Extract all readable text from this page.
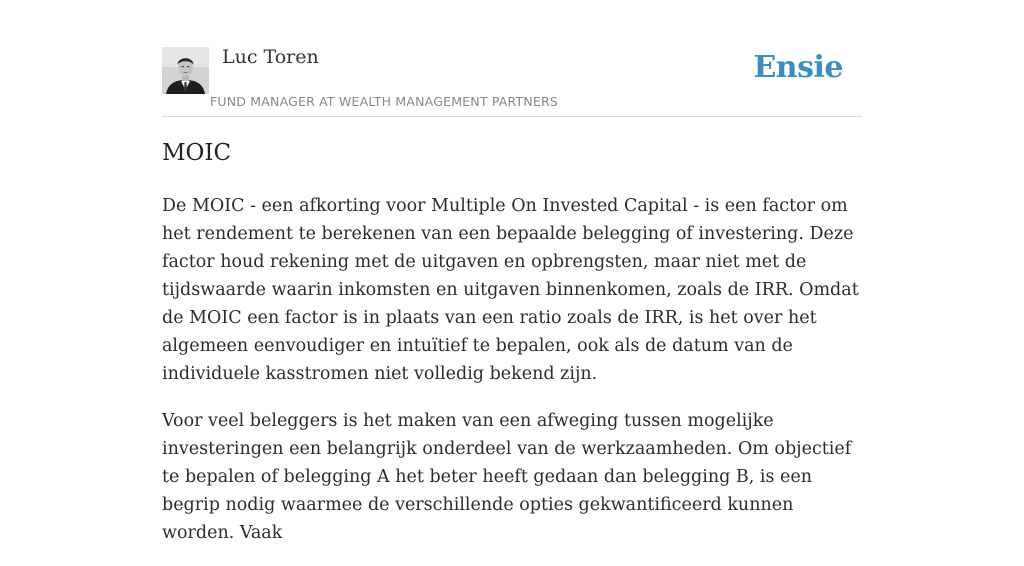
Luc Toren
FUND MANAGER AT WEALTH MANAGEMENT PARTNERS
Ensie
MOIC

De MOIC - een afkorting voor Multiple On Invested Capital - is een factor om het rendement te berekenen van een bepaalde belegging of investering. Deze factor houd rekening met de uitgaven en opbrengsten, maar niet met de tijdswaarde waarin inkomsten en uitgaven binnenkomen, zoals de IRR. Omdat de MOIC een factor is in plaats van een ratio zoals de IRR, is het over het algemeen eenvoudiger en intuïtief te bepalen, ook als de datum van de individuele kasstromen niet volledig bekend zijn.

Voor veel beleggers is het maken van een afweging tussen mogelijke investeringen een belangrijk onderdeel van de werkzaamheden. Om objectief te bepalen of belegging A het beter heeft gedaan dan belegging B, is een begrip nodig waarmee de verschillende opties gekwantificeerd kunnen worden. Vaak
